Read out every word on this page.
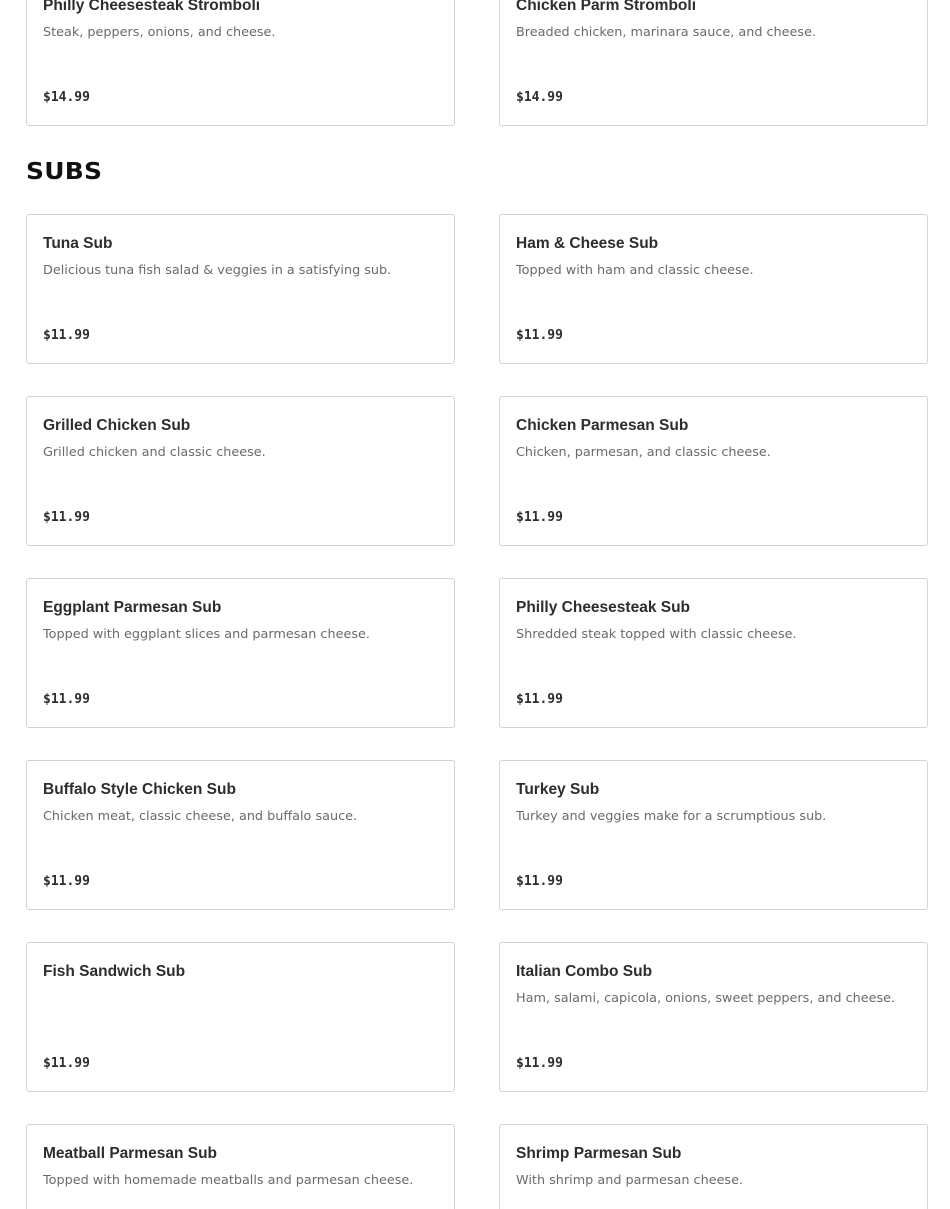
Philly Cheesesteak Stromboli
Steak, peppers, onions, and cheese.
$14.99
Chicken Parm Stromboli
Breaded chicken, marinara sauce, and cheese.
$14.99
SUBS
Tuna Sub
Delicious tuna fish salad & veggies in a satisfying sub.
$11.99
Ham & Cheese Sub
Topped with ham and classic cheese.
$11.99
Grilled Chicken Sub
Grilled chicken and classic cheese.
$11.99
Chicken Parmesan Sub
Chicken, parmesan, and classic cheese.
$11.99
Eggplant Parmesan Sub
Topped with eggplant slices and parmesan cheese.
$11.99
Philly Cheesesteak Sub
Shredded steak topped with classic cheese.
$11.99
Buffalo Style Chicken Sub
Chicken meat, classic cheese, and buffalo sauce.
$11.99
Turkey Sub
Turkey and veggies make for a scrumptious sub.
$11.99
Fish Sandwich Sub
$11.99
Italian Combo Sub
Ham, salami, capicola, onions, sweet peppers, and cheese.
$11.99
Meatball Parmesan Sub
Topped with homemade meatballs and parmesan cheese.
Shrimp Parmesan Sub
With shrimp and parmesan cheese.
